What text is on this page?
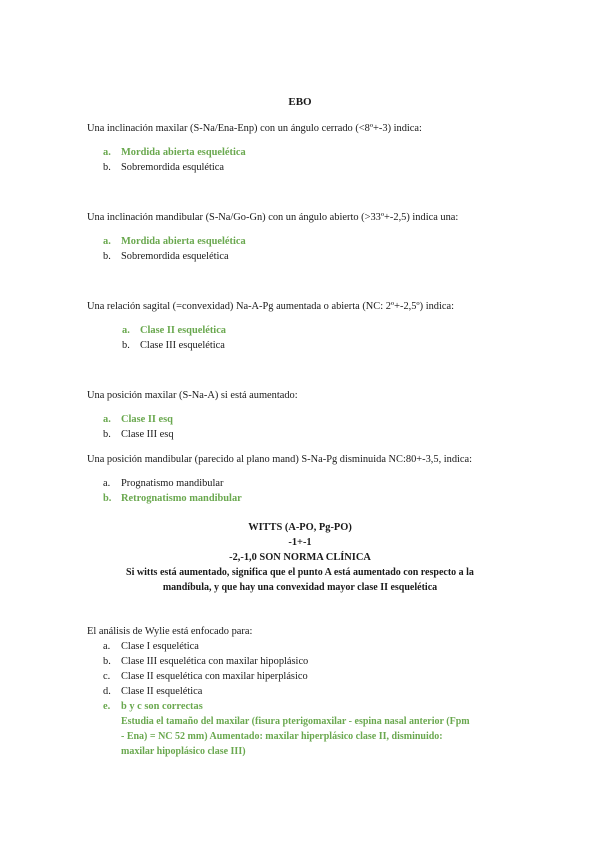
EBO
Una inclinación maxilar (S-Na/Ena-Enp) con un ángulo cerrado (<8º+-3) indica:
a. Mordida abierta esquelética
b. Sobremordida esqulética
Una inclinación mandibular (S-Na/Go-Gn) con un ángulo abierto (>33º+-2,5) indica una:
a. Mordida abierta esquelética
b. Sobremordida esquelética
Una relación sagital (=convexidad) Na-A-Pg aumentada o abierta (NC: 2º+-2,5º) indica:
a. Clase II esquelética
b. Clase III esquelética
Una posición maxilar (S-Na-A) si está aumentado:
a. Clase II esq
b. Clase III esq
Una posición mandibular (parecido al plano mand) S-Na-Pg disminuida NC:80+-3,5, indica:
a. Prognatismo mandibular
b. Retrognatismo mandibular
WITTS (A-PO, Pg-PO)
-1+-1
-2,-1,0 SON NORMA CLÍNICA
Si witts está aumentado, significa que el punto A está aumentado con respecto a la
mandíbula, y que hay una convexidad mayor clase II esquelética
El análisis de Wylie está enfocado para:
a. Clase I esquelética
b. Clase III esquelética con maxilar hipoplásico
c. Clase II esquelética con maxilar hiperplásico
d. Clase II esquelética
e. b y c son correctas
Estudia el tamaño del maxilar (fisura pterigomaxilar - espina nasal anterior (Fpm
- Ena) = NC 52 mm) Aumentado: maxilar hiperplásico clase II, disminuido:
maxilar hipoplásico clase III)
